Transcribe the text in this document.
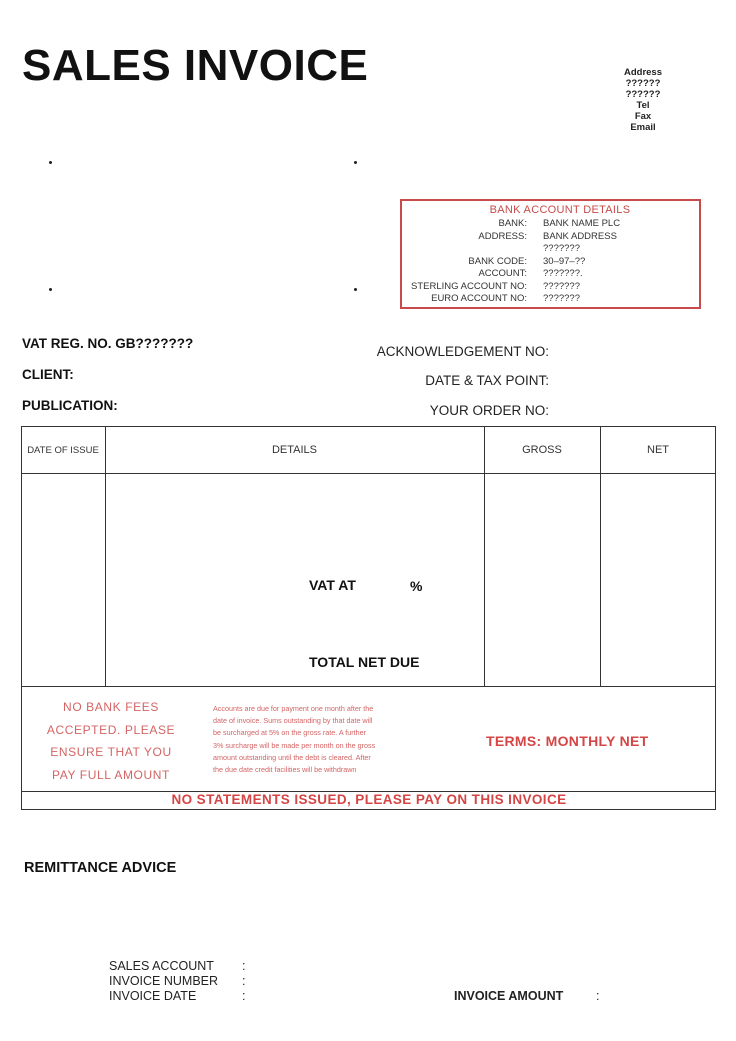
SALES INVOICE	Address
??????
??????
Tel
Fax
Email
BANK ACCOUNT DETAILS
BANK: BANK NAME PLC
ADDRESS: BANK ADDRESS
???????
BANK CODE: 30–97–??
ACCOUNT: ???????.
STERLING ACCOUNT NO: ???????
EURO ACCOUNT NO: ???????
VAT REG. NO. GB???????
CLIENT:
PUBLICATION:
ACKNOWLEDGEMENT NO:
DATE & TAX POINT:
YOUR ORDER NO:
DATE OF ISSUE	DETAILS	GROSS	NET
VAT AT	%
TOTAL NET DUE
NO BANK FEES
ACCEPTED. PLEASE
ENSURE THAT YOU
PAY FULL AMOUNT
Accounts are due for payment one month after the
date of invoice. Sums outstanding by that date will
be surcharged at 5% on the gross rate. A further
3% surcharge will be made per month on the gross
amount outstanding until the debt is cleared. After
the due date credit facilities will be withdrawn
TERMS: MONTHLY NET
NO STATEMENTS ISSUED, PLEASE PAY ON THIS INVOICE
REMITTANCE ADVICE
SALES ACCOUNT :
INVOICE NUMBER :
INVOICE DATE	:	INVOICE AMOUNT	:
